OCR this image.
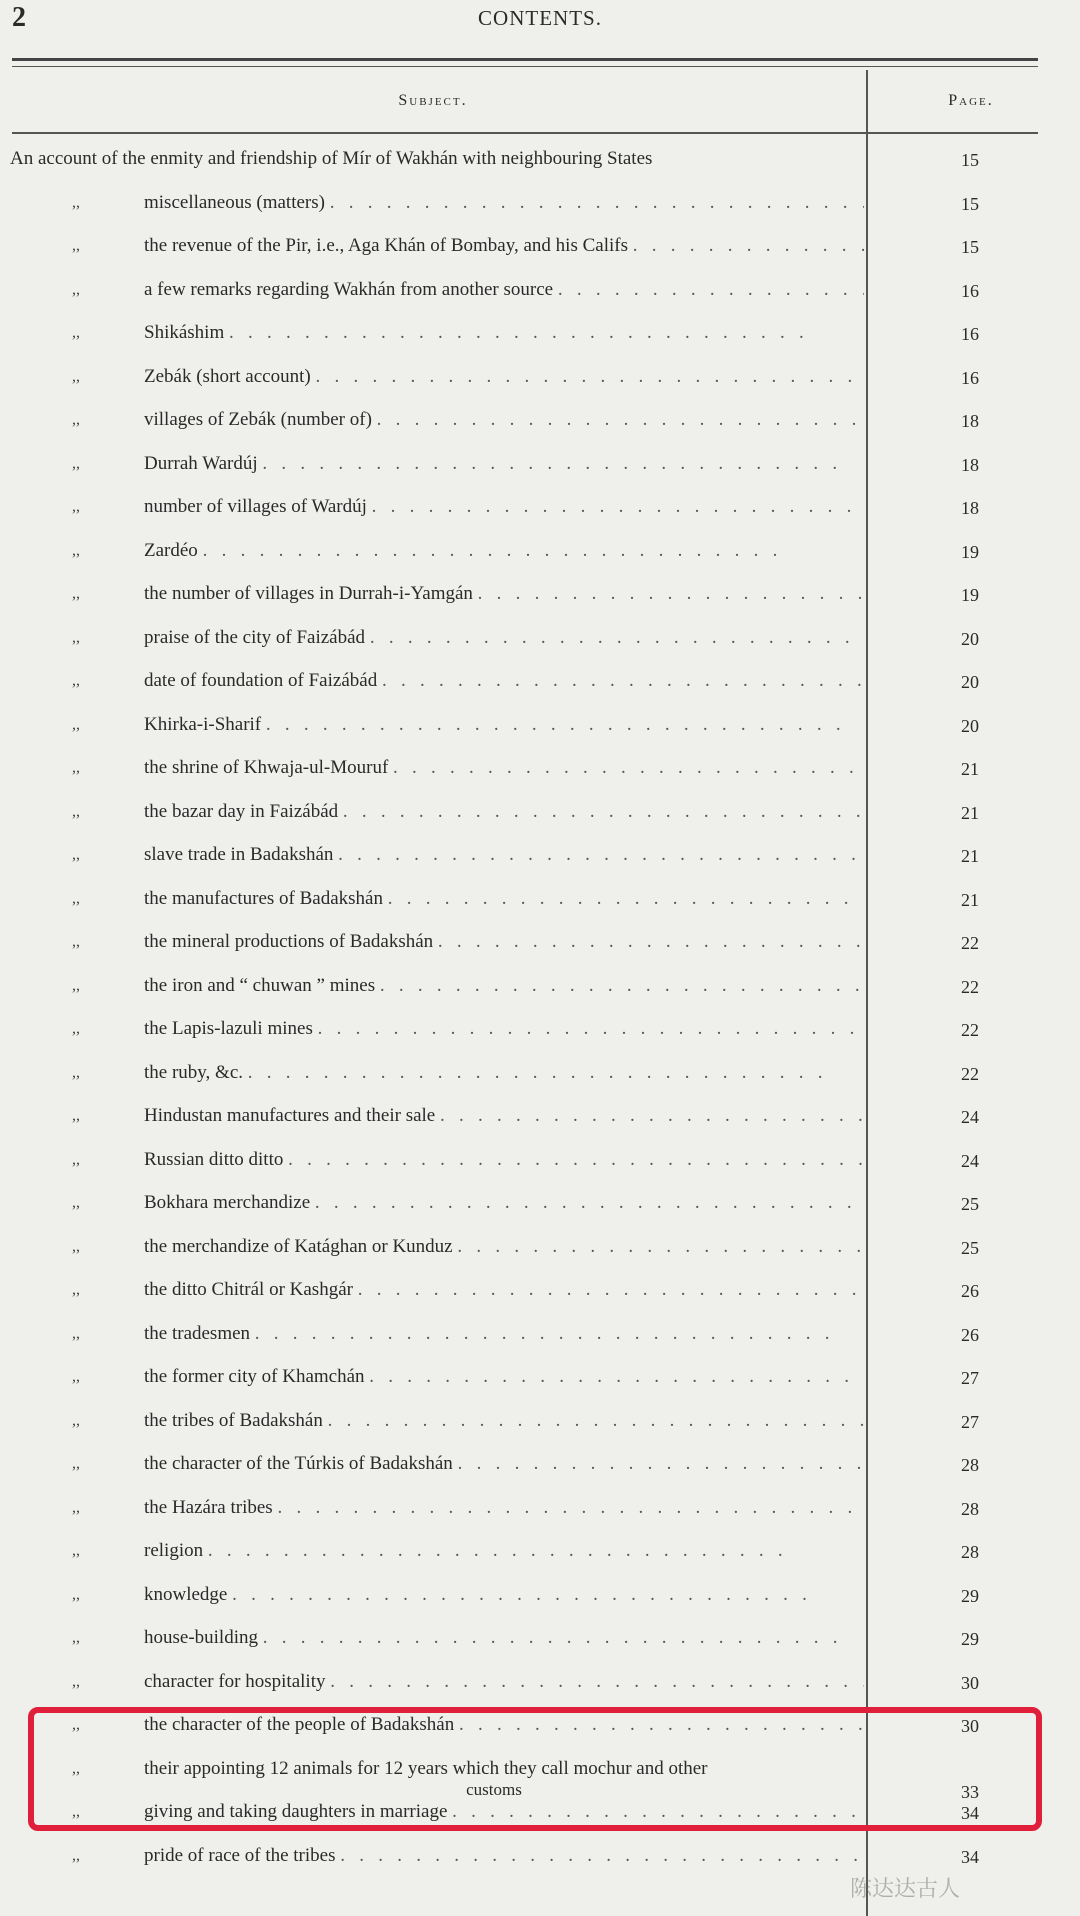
2	CONTENTS.
Subject.	Page.
An account of the enmity and friendship of Mír of Wakhán with neighbouring States	15
,,	miscellaneous (matters) . .	15
,,	the revenue of the Pir, i.e., Aga Khán of Bombay, and his Califs . .	15
,,	a few remarks regarding Wakhán from another source . .	16
,,	Shikáshim . .	16
,,	Zebák (short account) . .	16
,,	villages of Zebák (number of) . .	18
,,	Durrah Wardúj . .	18
,,	number of villages of Wardúj . .	18
,,	Zardéo . .	19
,,	the number of villages in Durrah-i-Yamgán . .	19
,,	praise of the city of Faizábád . .	20
,,	date of foundation of Faizábád . .	20
,,	Khirka-i-Sharif . .	20
,,	the shrine of Khwaja-ul-Mouruf . .	21
,,	the bazar day in Faizábád . .	21
,,	slave trade in Badakshán . .	21
,,	the manufactures of Badakshán . .	21
,,	the mineral productions of Badakshán . .	22
,,	the iron and “ chuwan ” mines . .	22
,,	the Lapis-lazuli mines . .	22
,,	the ruby, &c. . .	22
,,	Hindustan manufactures and their sale . .	24
,,	Russian ditto ditto . .	24
,,	Bokhara merchandize . .	25
,,	the merchandize of Katághan or Kunduz . .	25
,,	the ditto Chitrál or Kashgár . .	26
,,	the tradesmen . .	26
,,	the former city of Khamchán . .	27
,,	the tribes of Badakshán . .	27
,,	the character of the Túrkis of Badakshán . .	28
,,	the Hazára tribes . .	28
,,	religion . .	28
,,	knowledge . .	29
,,	house-building . .	29
,,	character for hospitality . .	30
,,	the character of the people of Badakshán . .	30
,,	their appointing 12 animals for 12 years which they call mochur and other
customs	33
,,	giving and taking daughters in marriage . .	34
,,	pride of race of the tribes . .	34
陈达达古人
